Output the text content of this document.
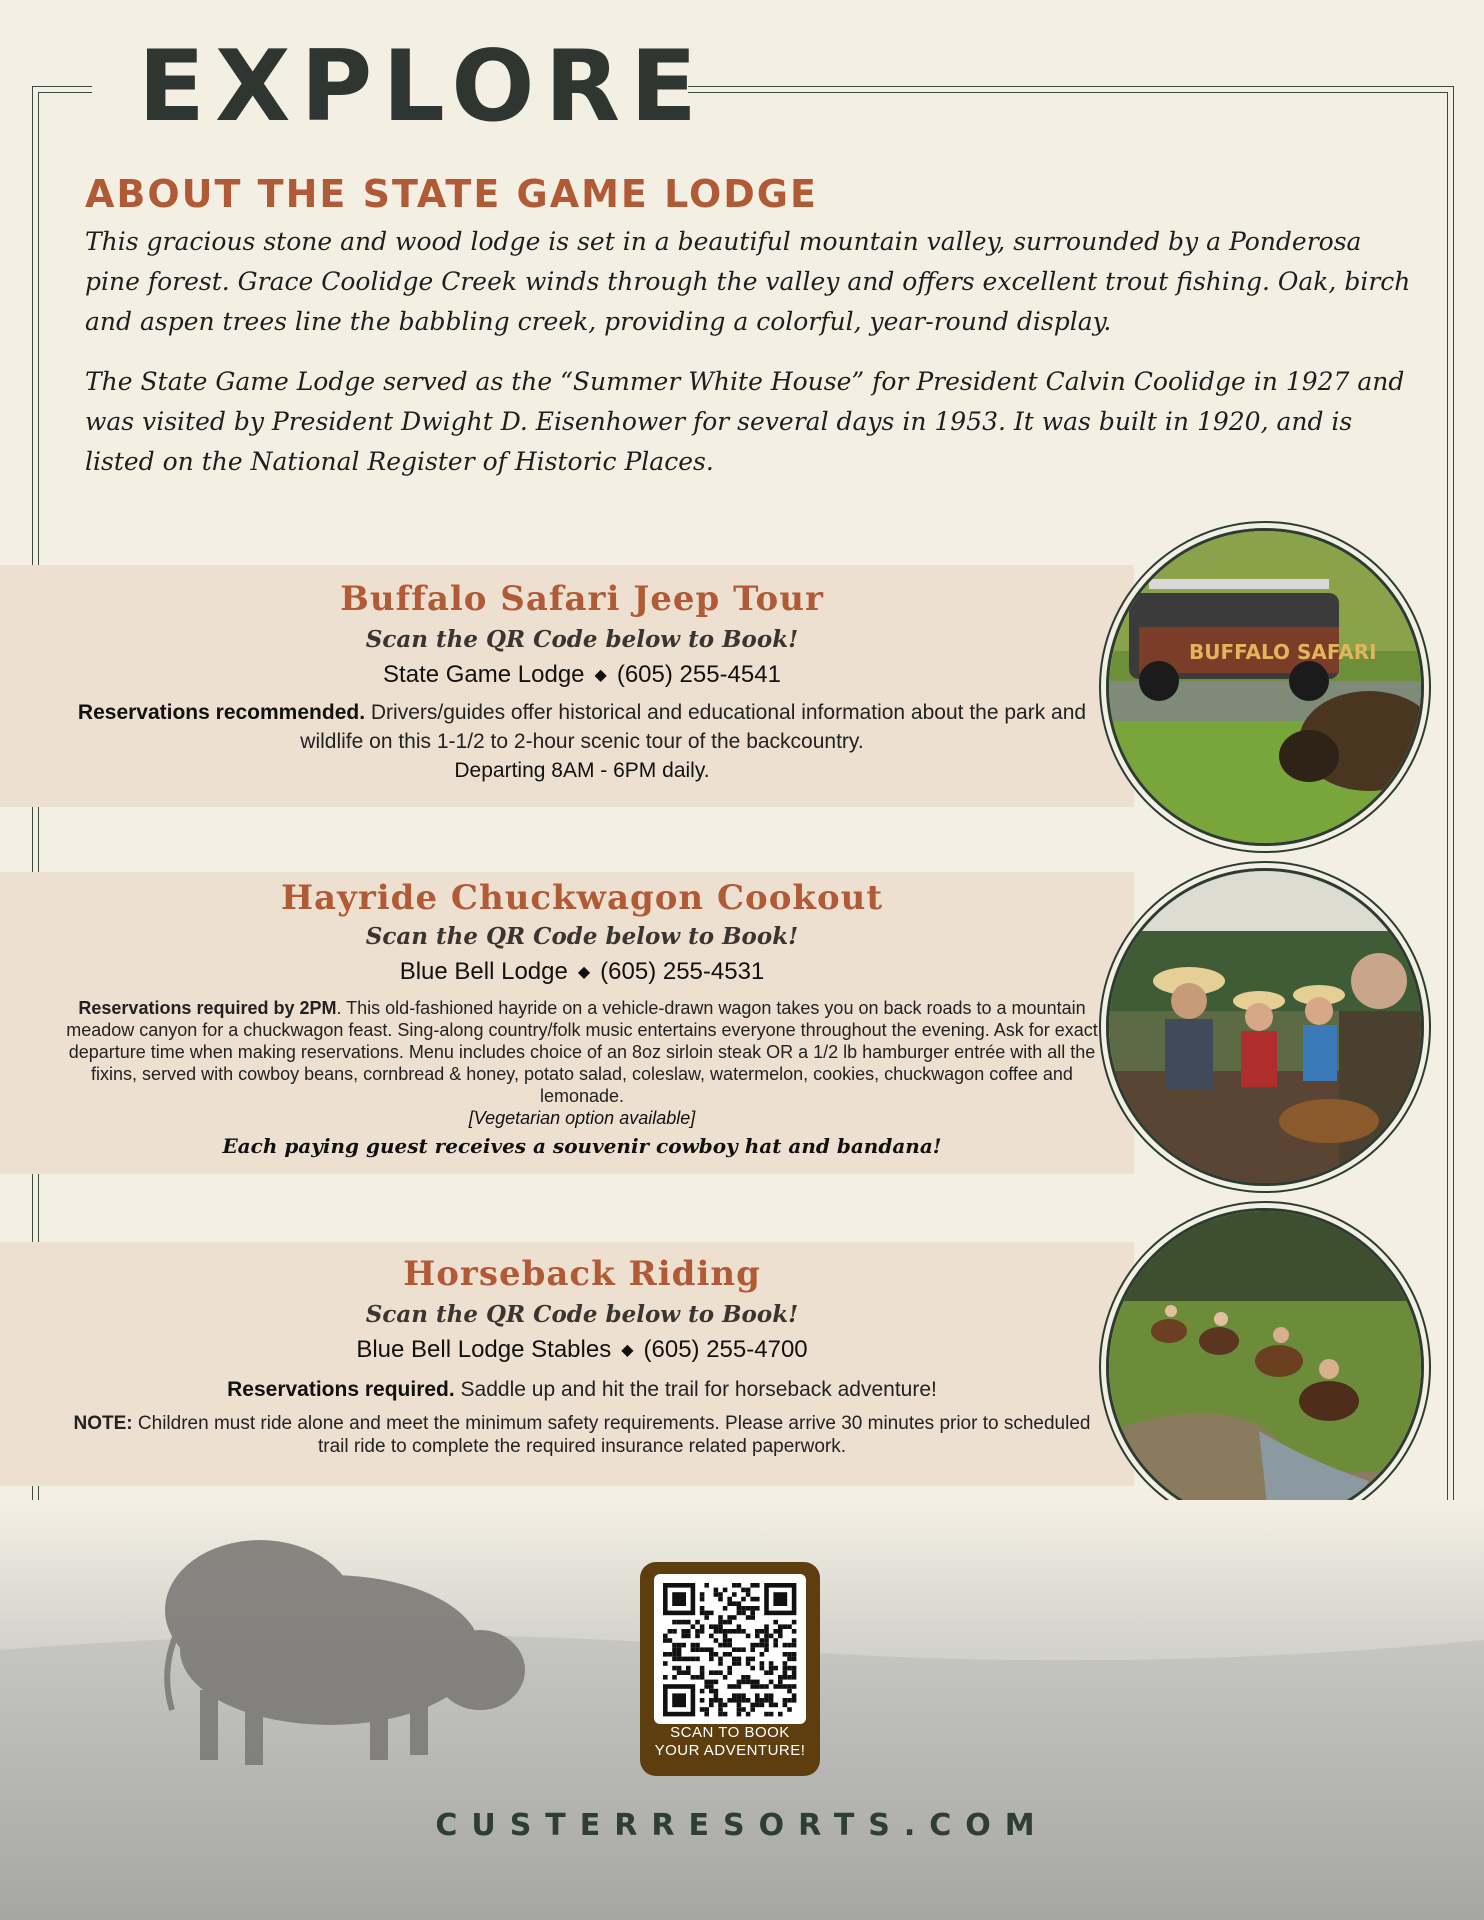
EXPLORE
ABOUT THE STATE GAME LODGE

This gracious stone and wood lodge is set in a beautiful mountain valley, surrounded by a Ponderosa pine forest. Grace Coolidge Creek winds through the valley and offers excellent trout fishing. Oak, birch and aspen trees line the babbling creek, providing a colorful, year-round display.

The State Game Lodge served as the “Summer White House” for President Calvin Coolidge in 1927 and was visited by President Dwight D. Eisenhower for several days in 1953. It was built in 1920, and is listed on the National Register of Historic Places.

Buffalo Safari Jeep Tour
Scan the QR Code below to Book!
State Game Lodge ◆ (605) 255-4541
Reservations recommended. Drivers/guides offer historical and educational information about the park and wildlife on this 1-1/2 to 2-hour scenic tour of the backcountry.
Departing 8AM - 6PM daily.
Hayride Chuckwagon Cookout
Scan the QR Code below to Book!
Blue Bell Lodge ◆ (605) 255-4531
Reservations required by 2PM. This old-fashioned hayride on a vehicle-drawn wagon takes you on back roads to a mountain meadow canyon for a chuckwagon feast. Sing-along country/folk music entertains everyone throughout the evening. Ask for exact departure time when making reservations. Menu includes choice of an 8oz sirloin steak OR a 1/2 lb hamburger entrée with all the fixins, served with cowboy beans, cornbread & honey, potato salad, coleslaw, watermelon, cookies, chuckwagon coffee and lemonade.
[Vegetarian option available]
Each paying guest receives a souvenir cowboy hat and bandana!
Horseback Riding
Scan the QR Code below to Book!
Blue Bell Lodge Stables ◆ (605) 255-4700
Reservations required. Saddle up and hit the trail for horseback adventure!
NOTE: Children must ride alone and meet the minimum safety requirements. Please arrive 30 minutes prior to scheduled trail ride to complete the required insurance related paperwork.
BUFFALO SAFARI
SCAN TO BOOK
YOUR ADVENTURE!
CUSTERRESORTS.COM
